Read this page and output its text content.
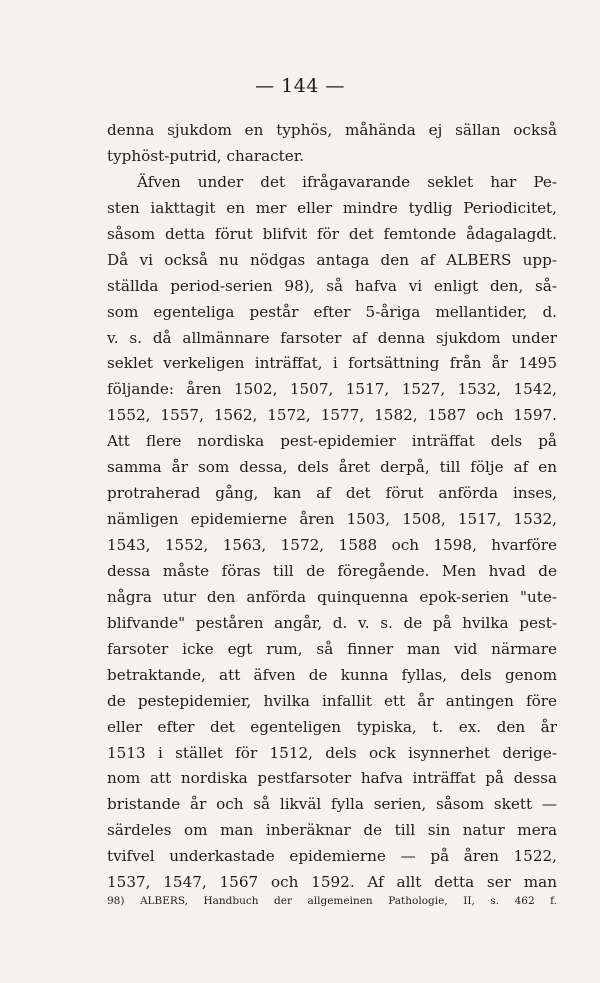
— 144 —
denna sjukdom en typhös, måhända ej sällan också
typhöst-putrid, character.
Äfven under det ifrågavarande seklet har Pe-
sten iakttagit en mer eller mindre tydlig Periodicitet,
såsom detta förut blifvit för det femtonde ådagalagdt.
Då vi också nu nödgas antaga den af ALBERS upp-
ställda period-serien 98), så hafva vi enligt den, så-
som egenteliga pestår efter 5-åriga mellantider, d.
v. s. då allmännare farsoter af denna sjukdom under
seklet verkeligen inträffat, i fortsättning från år 1495
följande: åren 1502, 1507, 1517, 1527, 1532, 1542,
1552, 1557, 1562, 1572, 1577, 1582, 1587 och 1597.
Att flere nordiska pest-epidemier inträffat dels på
samma år som dessa, dels året derpå, till följe af en
protraherad gång, kan af det förut anförda inses,
nämligen epidemierne åren 1503, 1508, 1517, 1532,
1543, 1552, 1563, 1572, 1588 och 1598, hvarföre
dessa måste föras till de föregående. Men hvad de
några utur den anförda quinquenna epok-serien "ute-
blifvande" peståren angår, d. v. s. de på hvilka pest-
farsoter icke egt rum, så finner man vid närmare
betraktande, att äfven de kunna fyllas, dels genom
de pestepidemier, hvilka infallit ett år antingen före
eller efter det egenteligen typiska, t. ex. den år
1513 i stället för 1512, dels ock isynnerhet derige-
nom att nordiska pestfarsoter hafva inträffat på dessa
bristande år och så likväl fylla serien, såsom skett —
särdeles om man inberäknar de till sin natur mera
tvifvel underkastade epidemierne — på åren 1522,
1537, 1547, 1567 och 1592. Af allt detta ser man
98) ALBERS, Handbuch der allgemeinen Pathologie, II, s. 462 f.
